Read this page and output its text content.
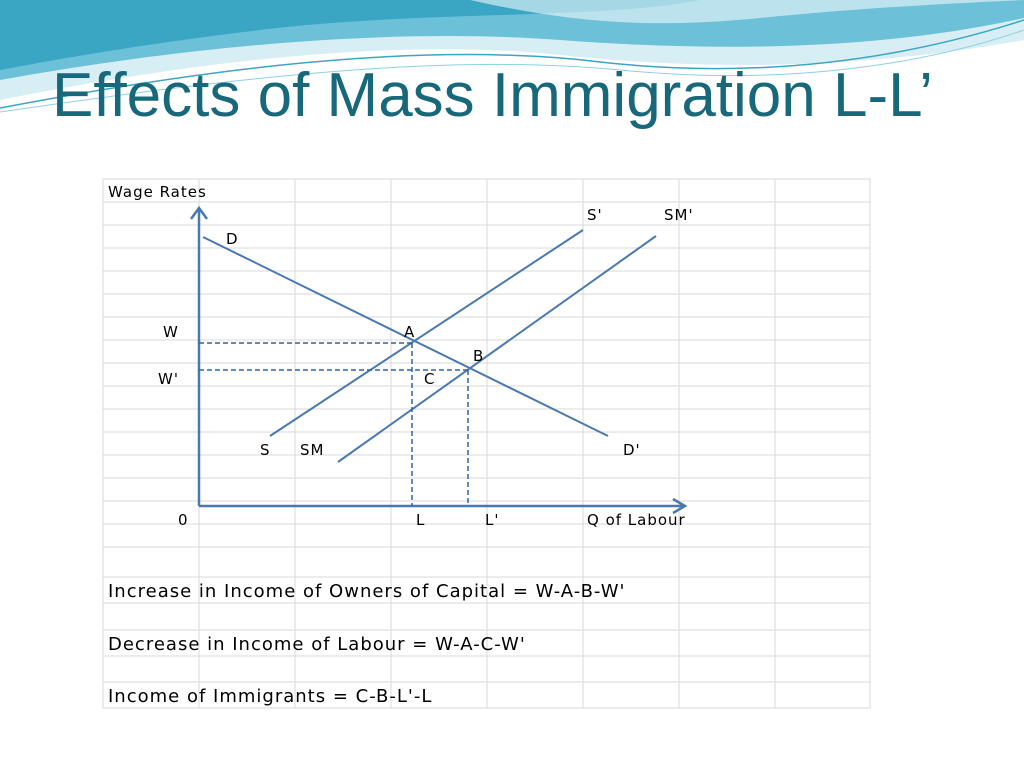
Effects of Mass Immigration L-L’
Wage Rates
Q of Labour
0
D
D'
S
S'
SM
SM'
A
B
C
W
W'
L	L'
Increase in Income of Owners of Capital = W-A-B-W'
Decrease in Income of Labour = W-A-C-W'
Income of Immigrants = C-B-L'-L
